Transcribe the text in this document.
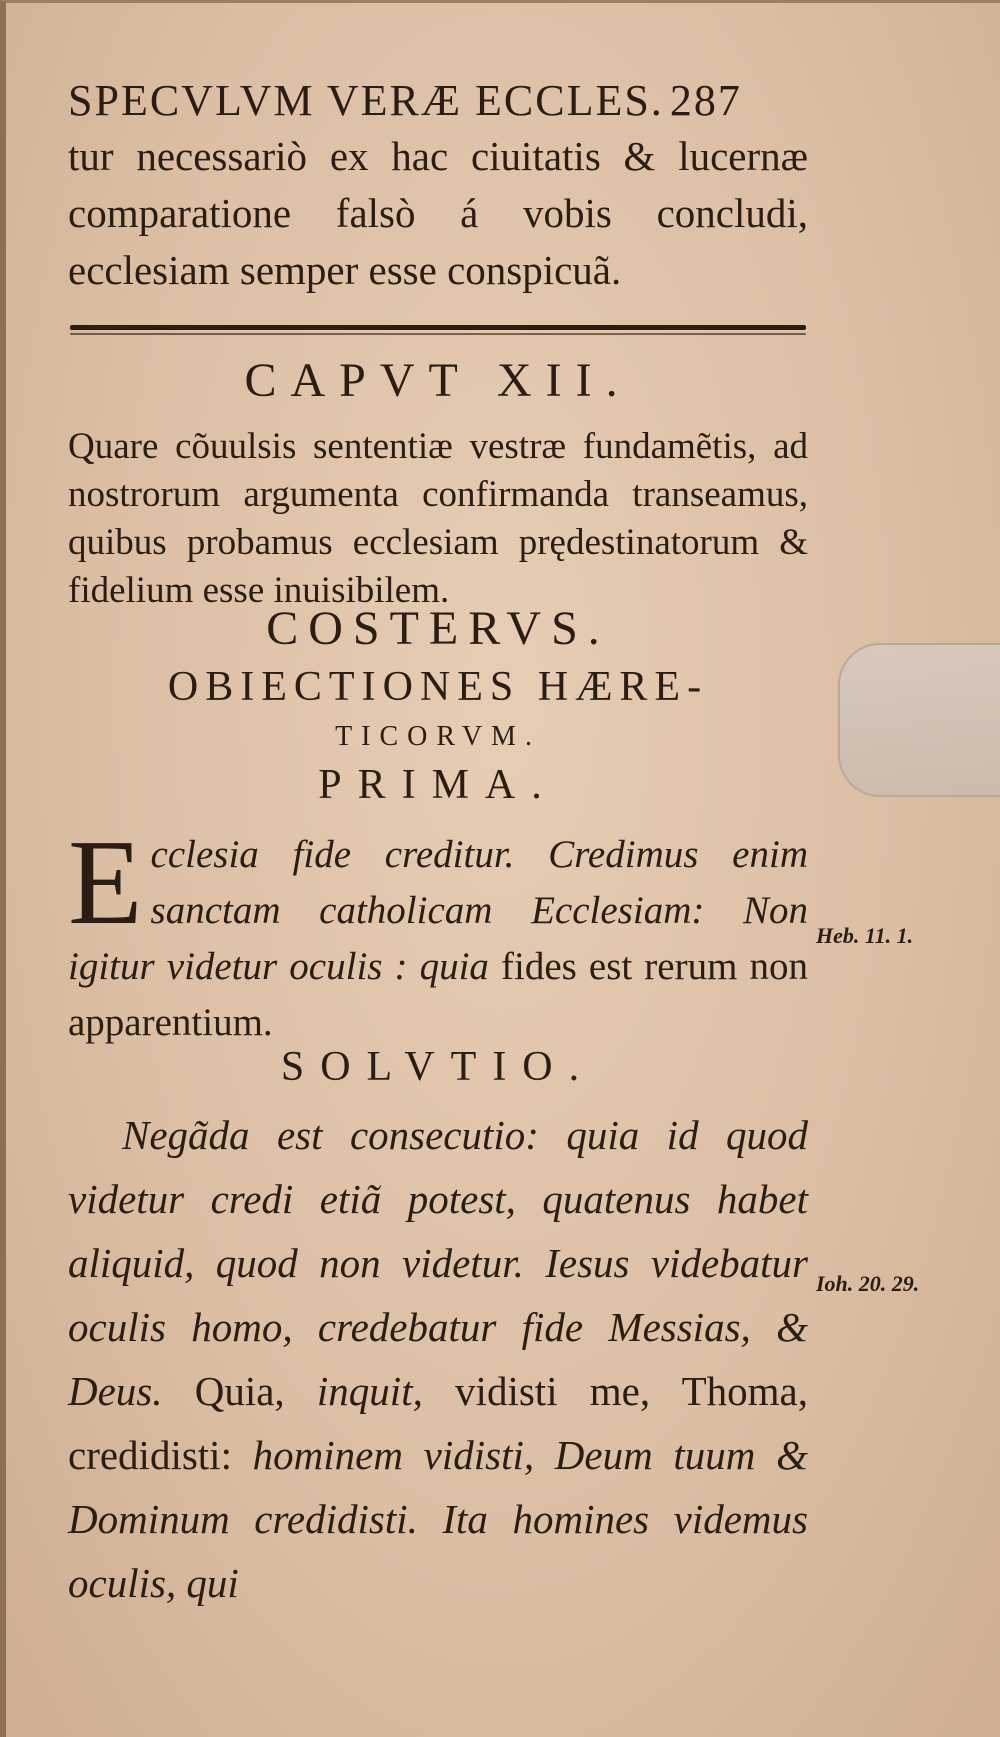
SPECVLVM VERÆ ECCLES. 287
tur necessariò ex hac ciuitatis & lucernæ comparatione falsò á vobis concludi, ecclesiam semper esse conspicuã.
CAPVT XII.
Quare cõuulsis sententiæ vestræ fundamẽtis, ad nostrorum argumenta confirmanda transeamus, quibus probamus ecclesiam prędestinatorum & fidelium esse inuisibilem.
COSTERVS.
OBIECTIONES HÆRE-
TICORVM.
PRIMA.
Ecclesia fide creditur. Credimus enim sanctam catholicam Ecclesiam: Non igitur videtur oculis : quia fides est rerum non apparentium.
SOLVTIO.
Negãda est consecutio: quia id quod videtur credi etiã potest, quatenus habet aliquid, quod non videtur. Iesus videbatur oculis homo, credebatur fide Messias, & Deus. Quia, inquit, vidisti me, Thoma, credidisti: hominem vidisti, Deum tuum & Dominum credidisti. Ita homines videmus oculis, qui
Heb. 11. 1.
Ioh. 20. 29.
